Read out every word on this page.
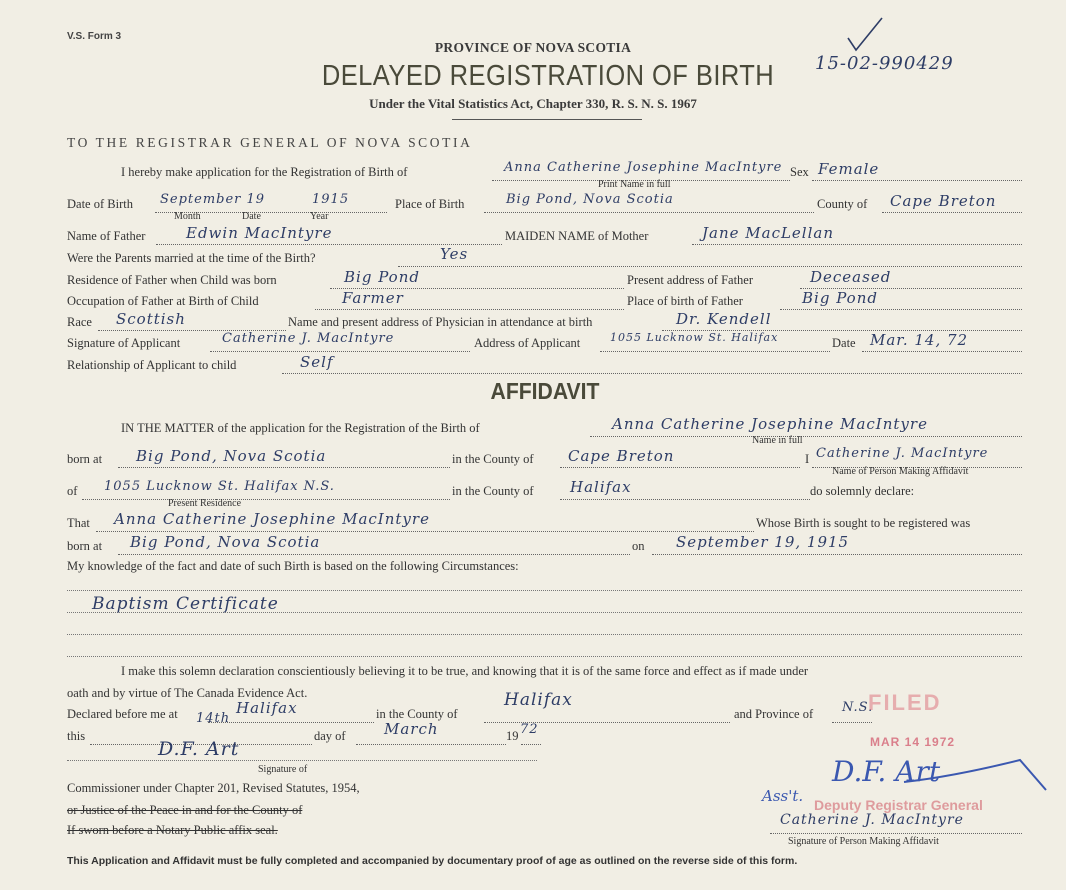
V.S. Form 3
PROVINCE OF NOVA SCOTIA
DELAYED REGISTRATION OF BIRTH	15-02-990429
Under the Vital Statistics Act, Chapter 330, R. S. N. S. 1967
TO THE REGISTRAR GENERAL OF NOVA SCOTIA
I hereby make application for the Registration of Birth of	Anna Catherine Josephine MacIntyre
Print Name in full
Sex Female
Date of Birth September 19	1915
Month	Date	Year
Place of Birth	Big Pond, Nova Scotia	County of Cape Breton
Name of Father	Edwin MacIntyre	MAIDEN NAME of Mother	Jane MacLellan
Were the Parents married at the time of the Birth?	Yes
Residence of Father when Child was born	Big Pond	Present address of Father	Deceased
Occupation of Father at Birth of Child	Farmer	Place of birth of Father	Big Pond
Race Scottish	Name and present address of Physician in attendance at birth	Dr. Kendell
Signature of Applicant	Catherine J. MacIntyre	Address of Applicant	1055 Lucknow St. Halifax	Date Mar. 14, 72
Relationship of Applicant to child	Self
AFFIDAVIT
IN THE MATTER of the application for the Registration of the Birth of	Anna Catherine Josephine MacIntyre
Name in full
born at Big Pond, Nova Scotia	in the County of Cape Breton	I Catherine J. MacIntyre
Name of Person Making Affidavit
of 1055 Lucknow St. Halifax N.S.
Present Residence
in the County of Halifax	do solemnly declare:
That Anna Catherine Josephine MacIntyre	Whose Birth is sought to be registered was
born at Big Pond, Nova Scotia	on September 19, 1915
My knowledge of the fact and date of such Birth is based on the following Circumstances:
Baptism Certificate
I make this solemn declaration conscientiously believing it to be true, and knowing that it is of the same force and effect as if made under
oath and by virtue of The Canada Evidence Act.
Declared before me at	Halifax	in the County of
Halifax
and Province of N.S.
this
14th
day of	March	19 72
D.F. Art
Signature of
Commissioner under Chapter 201, Revised Statutes, 1954,
or Justice of the Peace in and for the County of
If sworn before a Notary Public affix seal.
FILED
MAR 14 1972
Deputy Registrar General
D.F. Art
Ass't.
Catherine J. MacIntyre
Signature of Person Making Affidavit
This Application and Affidavit must be fully completed and accompanied by documentary proof of age as outlined on the reverse side of this form.
